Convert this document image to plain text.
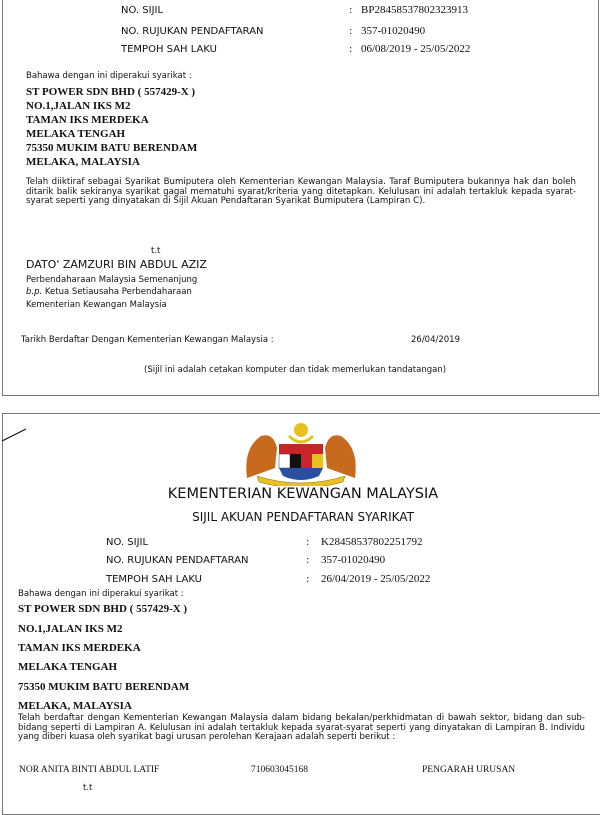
NO. SIJIL	: BP28458537802323913
NO. RUJUKAN PENDAFTARAN	: 357-01020490
TEMPOH SAH LAKU	: 06/08/2019 - 25/05/2022
Bahawa dengan ini diperakui syarikat :
ST POWER SDN BHD ( 557429-X )
NO.1,JALAN IKS M2
TAMAN IKS MERDEKA
MELAKA TENGAH
75350 MUKIM BATU BERENDAM
MELAKA, MALAYSIA
Telah diiktiraf sebagai Syarikat Bumiputera oleh Kementerian Kewangan Malaysia. Taraf Bumiputera bukannya hak dan boleh ditarik balik sekiranya syarikat gagal mematuhi syarat/kriteria yang ditetapkan. Kelulusan ini adalah tertakluk kepada syarat-syarat seperti yang dinyatakan di Sijil Akuan Pendaftaran Syarikat Bumiputera (Lampiran C).
t.t
DATO' ZAMZURI BIN ABDUL AZIZ
Perbendaharaan Malaysia Semenanjung
b.p. Ketua Setiausaha Perbendaharaan
Kementerian Kewangan Malaysia
Tarikh Berdaftar Dengan Kementerian Kewangan Malaysia :	26/04/2019
(Sijil ini adalah cetakan komputer dan tidak memerlukan tandatangan)
KEMENTERIAN KEWANGAN MALAYSIA
SIJIL AKUAN PENDAFTARAN SYARIKAT
NO. SIJIL	: K28458537802251792
NO. RUJUKAN PENDAFTARAN	: 357-01020490
TEMPOH SAH LAKU	: 26/04/2019 - 25/05/2022
Bahawa dengan ini diperakui syarikat :
ST POWER SDN BHD ( 557429-X )
NO.1,JALAN IKS M2
TAMAN IKS MERDEKA
MELAKA TENGAH
75350 MUKIM BATU BERENDAM
MELAKA, MALAYSIA
Telah berdaftar dengan Kementerian Kewangan Malaysia dalam bidang bekalan/perkhidmatan di bawah sektor, bidang dan sub-bidang seperti di Lampiran A. Kelulusan ini adalah tertakluk kepada syarat-syarat seperti yang dinyatakan di Lampiran B. Individu yang diberi kuasa oleh syarikat bagi urusan perolehan Kerajaan adalah seperti berikut :
NOR ANITA BINTI ABDUL LATIF	710603045168	PENGARAH URUSAN
t.t
